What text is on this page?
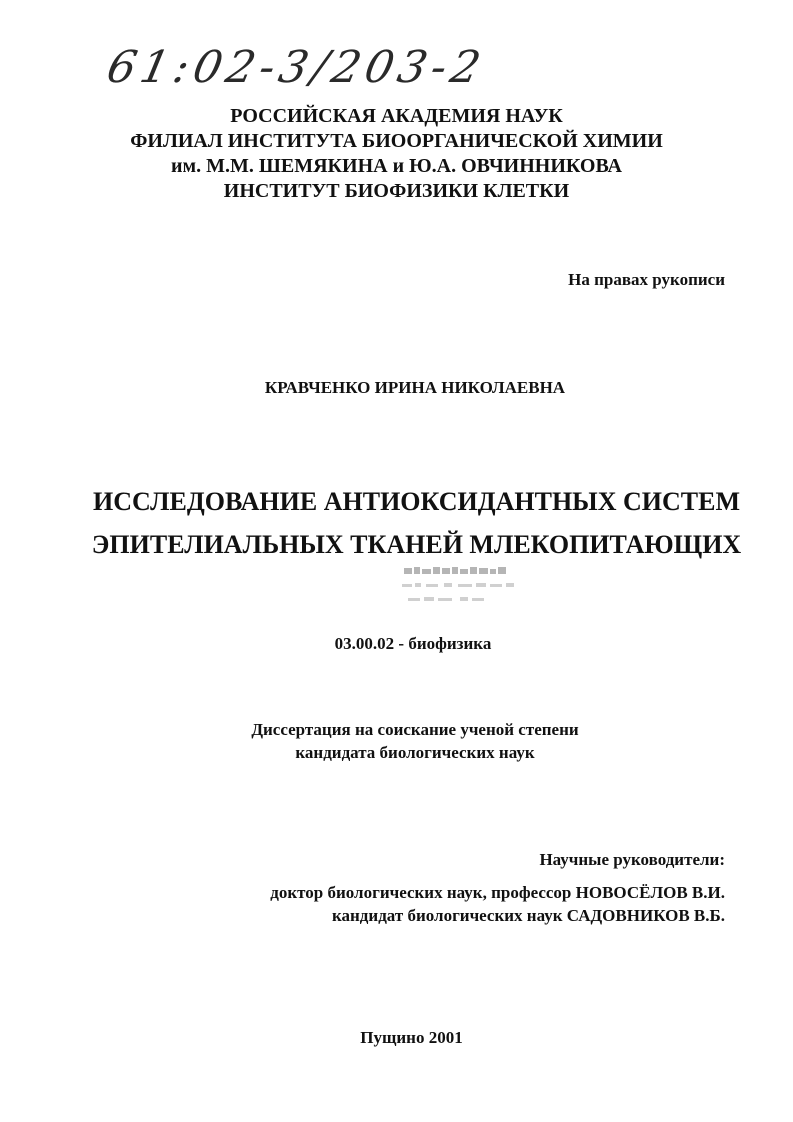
61:02-3/203-2
РОССИЙСКАЯ АКАДЕМИЯ НАУК
ФИЛИАЛ ИНСТИТУТА БИООРГАНИЧЕСКОЙ ХИМИИ
им. М.М. ШЕМЯКИНА и Ю.А. ОВЧИННИКОВА
ИНСТИТУТ БИОФИЗИКИ КЛЕТКИ
На правах рукописи
КРАВЧЕНКО ИРИНА НИКОЛАЕВНА
ИССЛЕДОВАНИЕ АНТИОКСИДАНТНЫХ СИСТЕМ
ЭПИТЕЛИАЛЬНЫХ ТКАНЕЙ МЛЕКОПИТАЮЩИХ
03.00.02 - биофизика
Диссертация на соискание ученой степени
кандидата биологических наук
Научные руководители:
доктор биологических наук, профессор НОВОСЁЛОВ В.И.
кандидат биологических наук САДОВНИКОВ В.Б.
Пущино 2001
